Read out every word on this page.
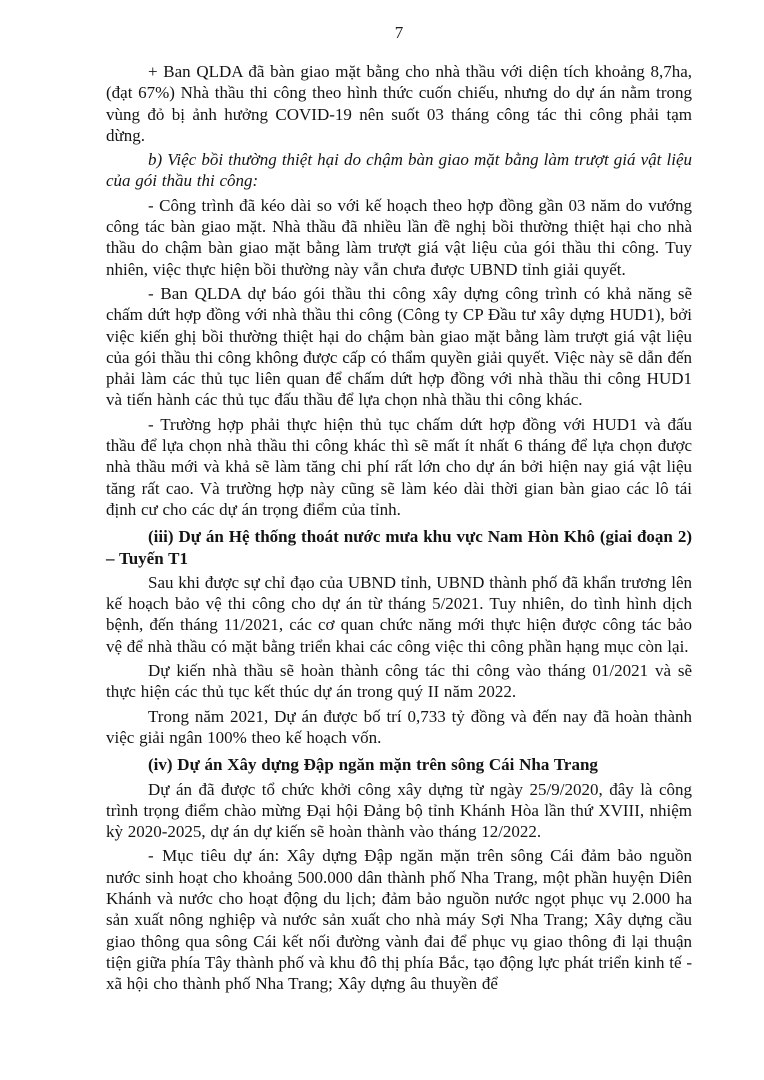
7

+ Ban QLDA đã bàn giao mặt bằng cho nhà thầu với diện tích khoảng 8,7ha, (đạt 67%) Nhà thầu thi công theo hình thức cuốn chiếu, nhưng do dự án nằm trong vùng đỏ bị ảnh hưởng COVID-19 nên suốt 03 tháng công tác thi công phải tạm dừng.

b) Việc bồi thường thiệt hại do chậm bàn giao mặt bằng làm trượt giá vật liệu của gói thầu thi công:

- Công trình đã kéo dài so với kế hoạch theo hợp đồng gần 03 năm do vướng công tác bàn giao mặt. Nhà thầu đã nhiều lần đề nghị bồi thường thiệt hại cho nhà thầu do chậm bàn giao mặt bằng làm trượt giá vật liệu của gói thầu thi công. Tuy nhiên, việc thực hiện bồi thường này vẫn chưa được UBND tỉnh giải quyết.

- Ban QLDA dự báo gói thầu thi công xây dựng công trình có khả năng sẽ chấm dứt hợp đồng với nhà thầu thi công (Công ty CP Đầu tư xây dựng HUD1), bởi việc kiến ghị bồi thường thiệt hại do chậm bàn giao mặt bằng làm trượt giá vật liệu của gói thầu thi công không được cấp có thẩm quyền giải quyết. Việc này sẽ dẫn đến phải làm các thủ tục liên quan để chấm dứt hợp đồng với nhà thầu thi công HUD1 và tiến hành các thủ tục đấu thầu để lựa chọn nhà thầu thi công khác.

- Trường hợp phải thực hiện thủ tục chấm dứt hợp đồng với HUD1 và đấu thầu để lựa chọn nhà thầu thi công khác thì sẽ mất ít nhất 6 tháng để lựa chọn được nhà thầu mới và khả sẽ làm tăng chi phí rất lớn cho dự án bởi hiện nay giá vật liệu tăng rất cao. Và trường hợp này cũng sẽ làm kéo dài thời gian bàn giao các lô tái định cư cho các dự án trọng điểm của tỉnh.

(iii) Dự án Hệ thống thoát nước mưa khu vực Nam Hòn Khô (giai đoạn 2) – Tuyến T1

Sau khi được sự chỉ đạo của UBND tỉnh, UBND thành phố đã khẩn trương lên kế hoạch bảo vệ thi công cho dự án từ tháng 5/2021. Tuy nhiên, do tình hình dịch bệnh, đến tháng 11/2021, các cơ quan chức năng mới thực hiện được công tác bảo vệ để nhà thầu có mặt bằng triển khai các công việc thi công phần hạng mục còn lại.

Dự kiến nhà thầu sẽ hoàn thành công tác thi công vào tháng 01/2021 và sẽ thực hiện các thủ tục kết thúc dự án trong quý II năm 2022.

Trong năm 2021, Dự án được bố trí 0,733 tỷ đồng và đến nay đã hoàn thành việc giải ngân 100% theo kế hoạch vốn.

(iv) Dự án Xây dựng Đập ngăn mặn trên sông Cái Nha Trang

Dự án đã được tổ chức khởi công xây dựng từ ngày 25/9/2020, đây là công trình trọng điểm chào mừng Đại hội Đảng bộ tỉnh Khánh Hòa lần thứ XVIII, nhiệm kỳ 2020-2025, dự án dự kiến sẽ hoàn thành vào tháng 12/2022.

- Mục tiêu dự án: Xây dựng Đập ngăn mặn trên sông Cái đảm bảo nguồn nước sinh hoạt cho khoảng 500.000 dân thành phố Nha Trang, một phần huyện Diên Khánh và nước cho hoạt động du lịch; đảm bảo nguồn nước ngọt phục vụ 2.000 ha sản xuất nông nghiệp và nước sản xuất cho nhà máy Sợi Nha Trang; Xây dựng cầu giao thông qua sông Cái kết nối đường vành đai để phục vụ giao thông đi lại thuận tiện giữa phía Tây thành phố và khu đô thị phía Bắc, tạo động lực phát triển kinh tế - xã hội cho thành phố Nha Trang; Xây dựng âu thuyền để
